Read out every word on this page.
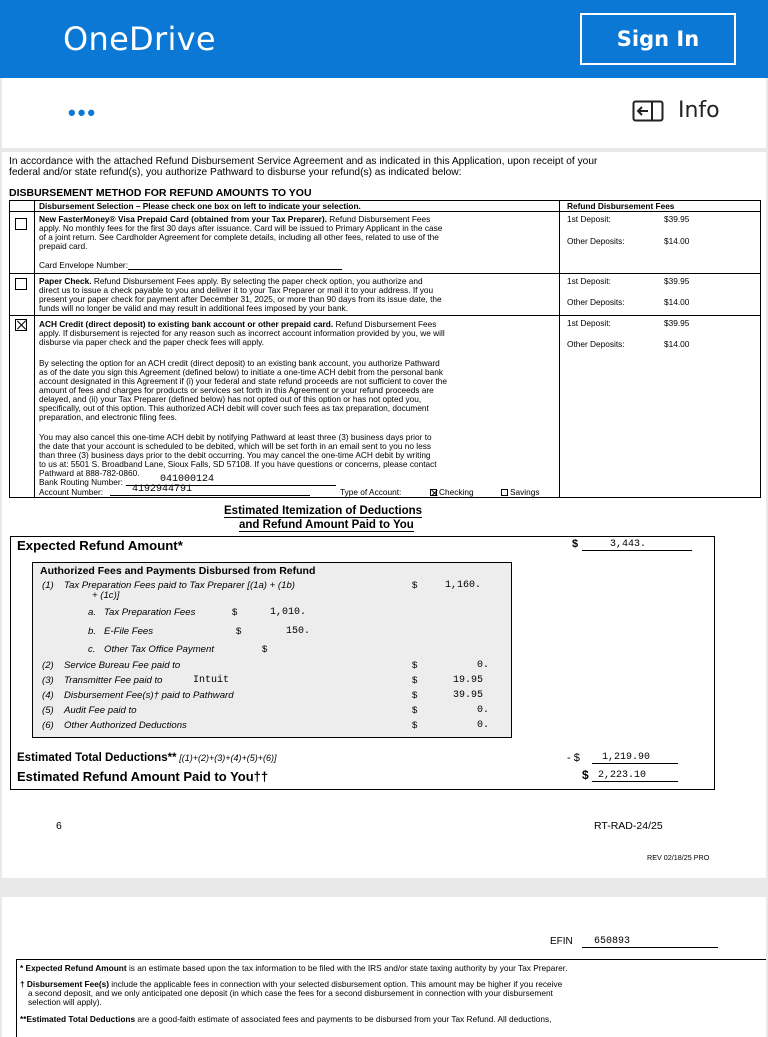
OneDrive	Sign In
•••	Info
In accordance with the attached Refund Disbursement Service Agreement and as indicated in this Application, upon receipt of your
federal and/or state refund(s), you authorize Pathward to disburse your refund(s) as indicated below:
DISBURSEMENT METHOD FOR REFUND AMOUNTS TO YOU
Disbursement Selection – Please check one box on left to indicate your selection.	Refund Disbursement Fees
New FasterMoney® Visa Prepaid Card (obtained from your Tax Preparer). Refund Disbursement Fees
apply. No monthly fees for the first 30 days after issuance. Card will be issued to Primary Applicant in the case
of a joint return. See Cardholder Agreement for complete details, including all other fees, related to use of the
prepaid card.
Card Envelope Number:
1st Deposit:	$39.95
Other Deposits:	$14.00
Paper Check. Refund Disbursement Fees apply. By selecting the paper check option, you authorize and
direct us to issue a check payable to you and deliver it to your Tax Preparer or mail it to your address. If you
present your paper check for payment after December 31, 2025, or more than 90 days from its issue date, the
funds will no longer be valid and may result in additional fees imposed by your bank.
1st Deposit:	$39.95
Other Deposits:	$14.00
ACH Credit (direct deposit) to existing bank account or other prepaid card. Refund Disbursement Fees
apply. If disbursement is rejected for any reason such as incorrect account information provided by you, we will
disburse via paper check and the paper check fees will apply.
By selecting the option for an ACH credit (direct deposit) to an existing bank account, you authorize Pathward
as of the date you sign this Agreement (defined below) to initiate a one-time ACH debit from the personal bank
account designated in this Agreement if (i) your federal and state refund proceeds are not sufficient to cover the
amount of fees and charges for products or services set forth in this Agreement or your refund proceeds are
delayed, and (ii) your Tax Preparer (defined below) has not opted out of this option or has not opted you,
specifically, out of this option. This authorized ACH debit will cover such fees as tax preparation, document
preparation, and electronic filing fees.
You may also cancel this one-time ACH debit by notifying Pathward at least three (3) business days prior to
the date that your account is scheduled to be debited, which will be set forth in an email sent to you no less
than three (3) business days prior to the debit occurring. You may cancel the one-time ACH debit by writing
to us at: 5501 S. Broadband Lane, Sioux Falls, SD 57108. If you have questions or concerns, please contact
Pathward at 888-782-0860.
Bank Routing Number:	041000124
Account Number:	4192944791	Type of Account:	Checking	Savings
1st Deposit:	$39.95
Other Deposits:	$14.00
Estimated Itemization of Deductions
and Refund Amount Paid to You
Expected Refund Amount*	$	3,443.
Authorized Fees and Payments Disbursed from Refund
(1) Tax Preparation Fees paid to Tax Preparer [(1a) + (1b)
+ (1c)]
$	1,160.
a. Tax Preparation Fees	$	1,010.
b. E-File Fees	$	150.
c. Other Tax Office Payment	$
(2) Service Bureau Fee paid to	$	0.
(3) Transmitter Fee paid to	Intuit	$	19.95
(4) Disbursement Fee(s)† paid to Pathward	$	39.95
(5) Audit Fee paid to	$	0.
(6) Other Authorized Deductions	$	0.
Estimated Total Deductions** [(1)+(2)+(3)+(4)+(5)+(6)]	- $	1,219.90
Estimated Refund Amount Paid to You††	$ 2,223.10
6	RT-RAD-24/25
REV 02/18/25 PRO
EFIN	650893
* Expected Refund Amount is an estimate based upon the tax information to be filed with the IRS and/or state taxing authority by your Tax Preparer.
† Disbursement Fee(s) include the applicable fees in connection with your selected disbursement option. This amount may be higher if you receive
a second deposit, and we only anticipated one deposit (in which case the fees for a second disbursement in connection with your disbursement
selection will apply).
**Estimated Total Deductions are a good-faith estimate of associated fees and payments to be disbursed from your Tax Refund. All deductions,
